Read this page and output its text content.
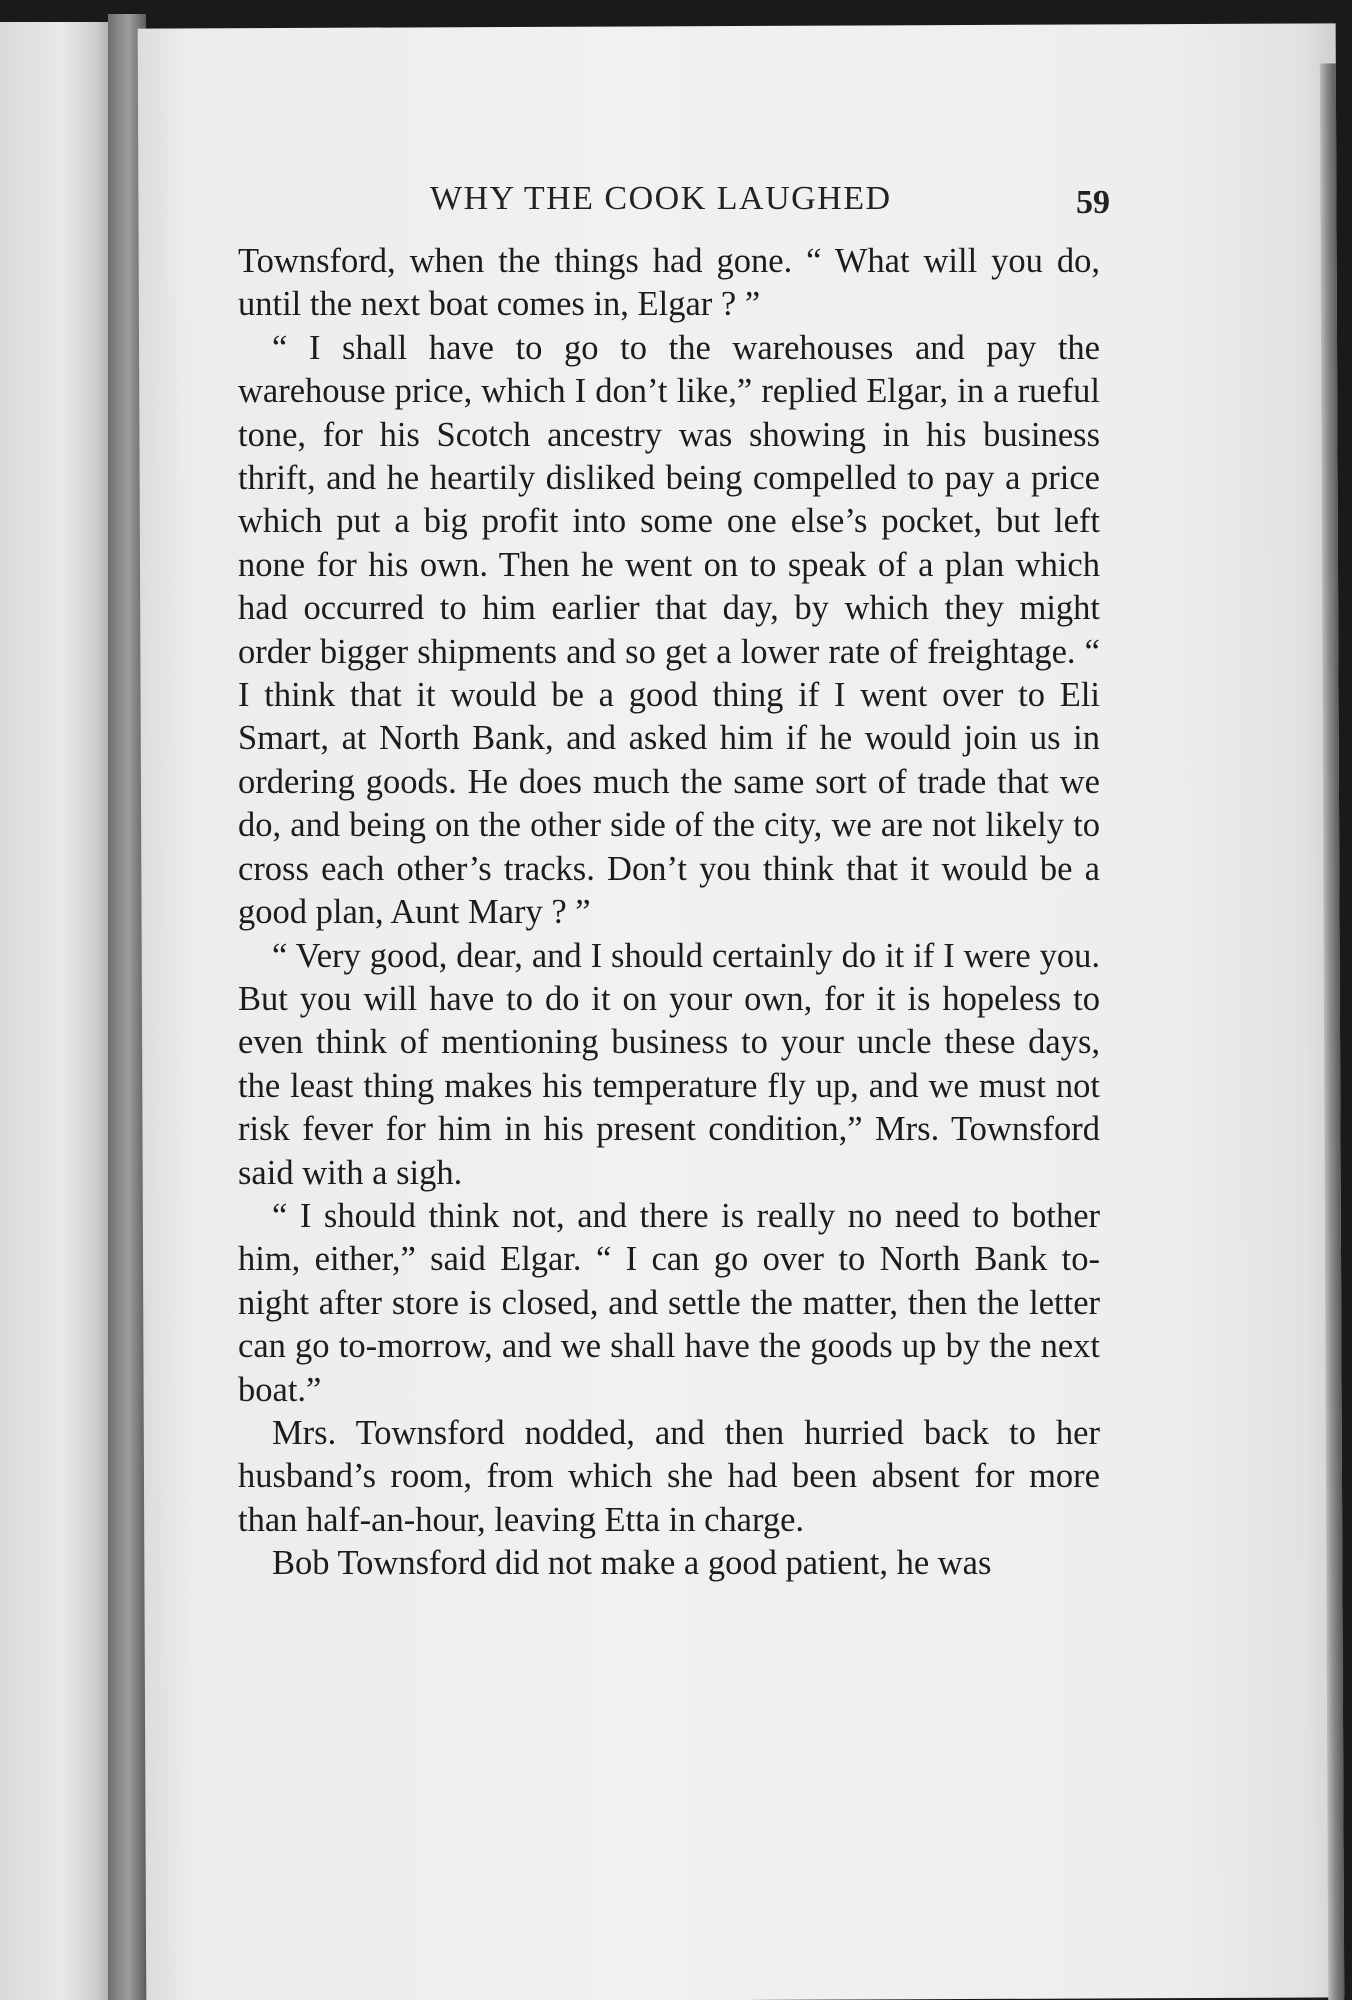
WHY THE COOK LAUGHED	59

Townsford, when the things had gone. “ What will you do, until the next boat comes in, Elgar ? ”

“ I shall have to go to the warehouses and pay the warehouse price, which I don’t like,” replied Elgar, in a rueful tone, for his Scotch ancestry was showing in his business thrift, and he heartily disliked being compelled to pay a price which put a big profit into some one else’s pocket, but left none for his own. Then he went on to speak of a plan which had occurred to him earlier that day, by which they might order bigger shipments and so get a lower rate of freightage. “ I think that it would be a good thing if I went over to Eli Smart, at North Bank, and asked him if he would join us in ordering goods. He does much the same sort of trade that we do, and being on the other side of the city, we are not likely to cross each other’s tracks. Don’t you think that it would be a good plan, Aunt Mary ? ”

“ Very good, dear, and I should certainly do it if I were you. But you will have to do it on your own, for it is hopeless to even think of mentioning business to your uncle these days, the least thing makes his temperature fly up, and we must not risk fever for him in his present condition,” Mrs. Townsford said with a sigh.

“ I should think not, and there is really no need to bother him, either,” said Elgar. “ I can go over to North Bank to-night after store is closed, and settle the matter, then the letter can go to-morrow, and we shall have the goods up by the next boat.”

Mrs. Townsford nodded, and then hurried back to her husband’s room, from which she had been absent for more than half-an-hour, leaving Etta in charge.

Bob Townsford did not make a good patient, he was
